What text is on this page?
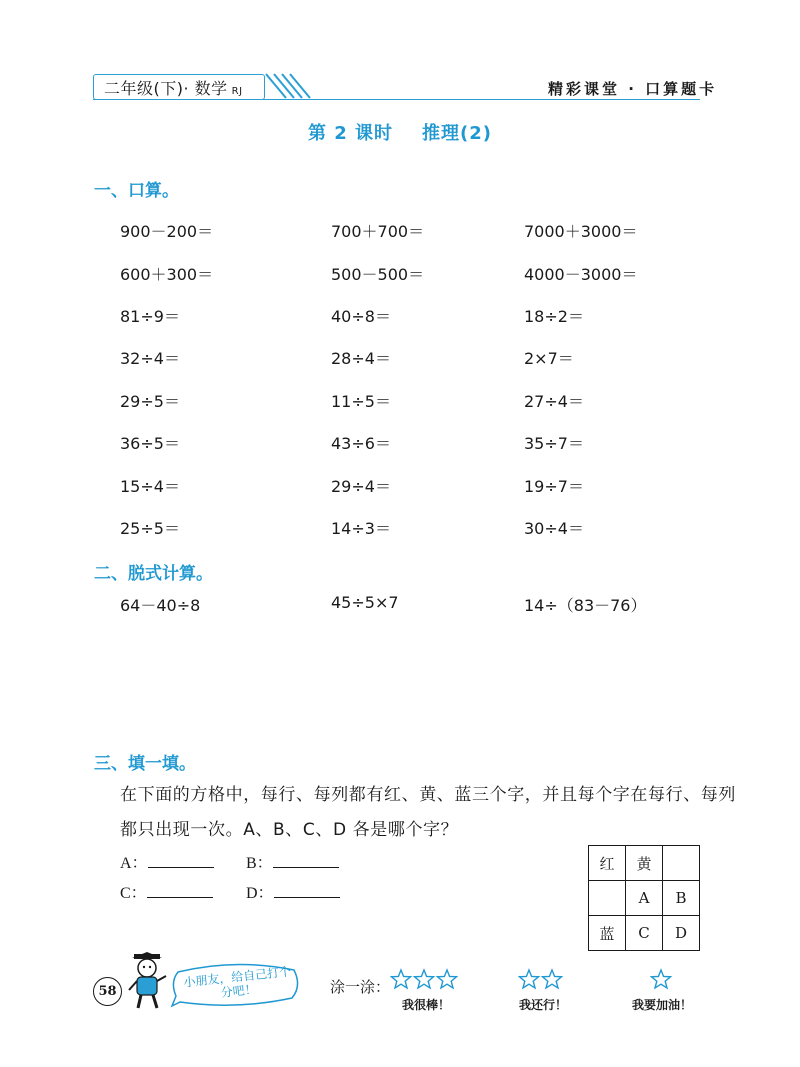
二年级(下)· 数学 RJ	精彩课堂 · 口算题卡
第 2 课时    推理(2)
一、口算。
900－200＝	700＋700＝	7000＋3000＝
600＋300＝	500－500＝	4000－3000＝
81÷9＝	40÷8＝	18÷2＝
32÷4＝	28÷4＝	2×7＝
29÷5＝	11÷5＝	27÷4＝
36÷5＝	43÷6＝	35÷7＝
15÷4＝	29÷4＝	19÷7＝
25÷5＝	14÷3＝	30÷4＝
二、脱式计算。
64－40÷8	45÷5×7	14÷（83－76）
三、填一填。
在下面的方格中，每行、每列都有红、黄、蓝三个字，并且每个字在每行、每列
都只出现一次。A、B、C、D 各是哪个字？
A：	B：
C：	D：
红	黄	
	A	B
蓝	C	D
58
小朋友，给自己打个分吧！	涂一涂：
我很棒！	我还行！	我要加油！
